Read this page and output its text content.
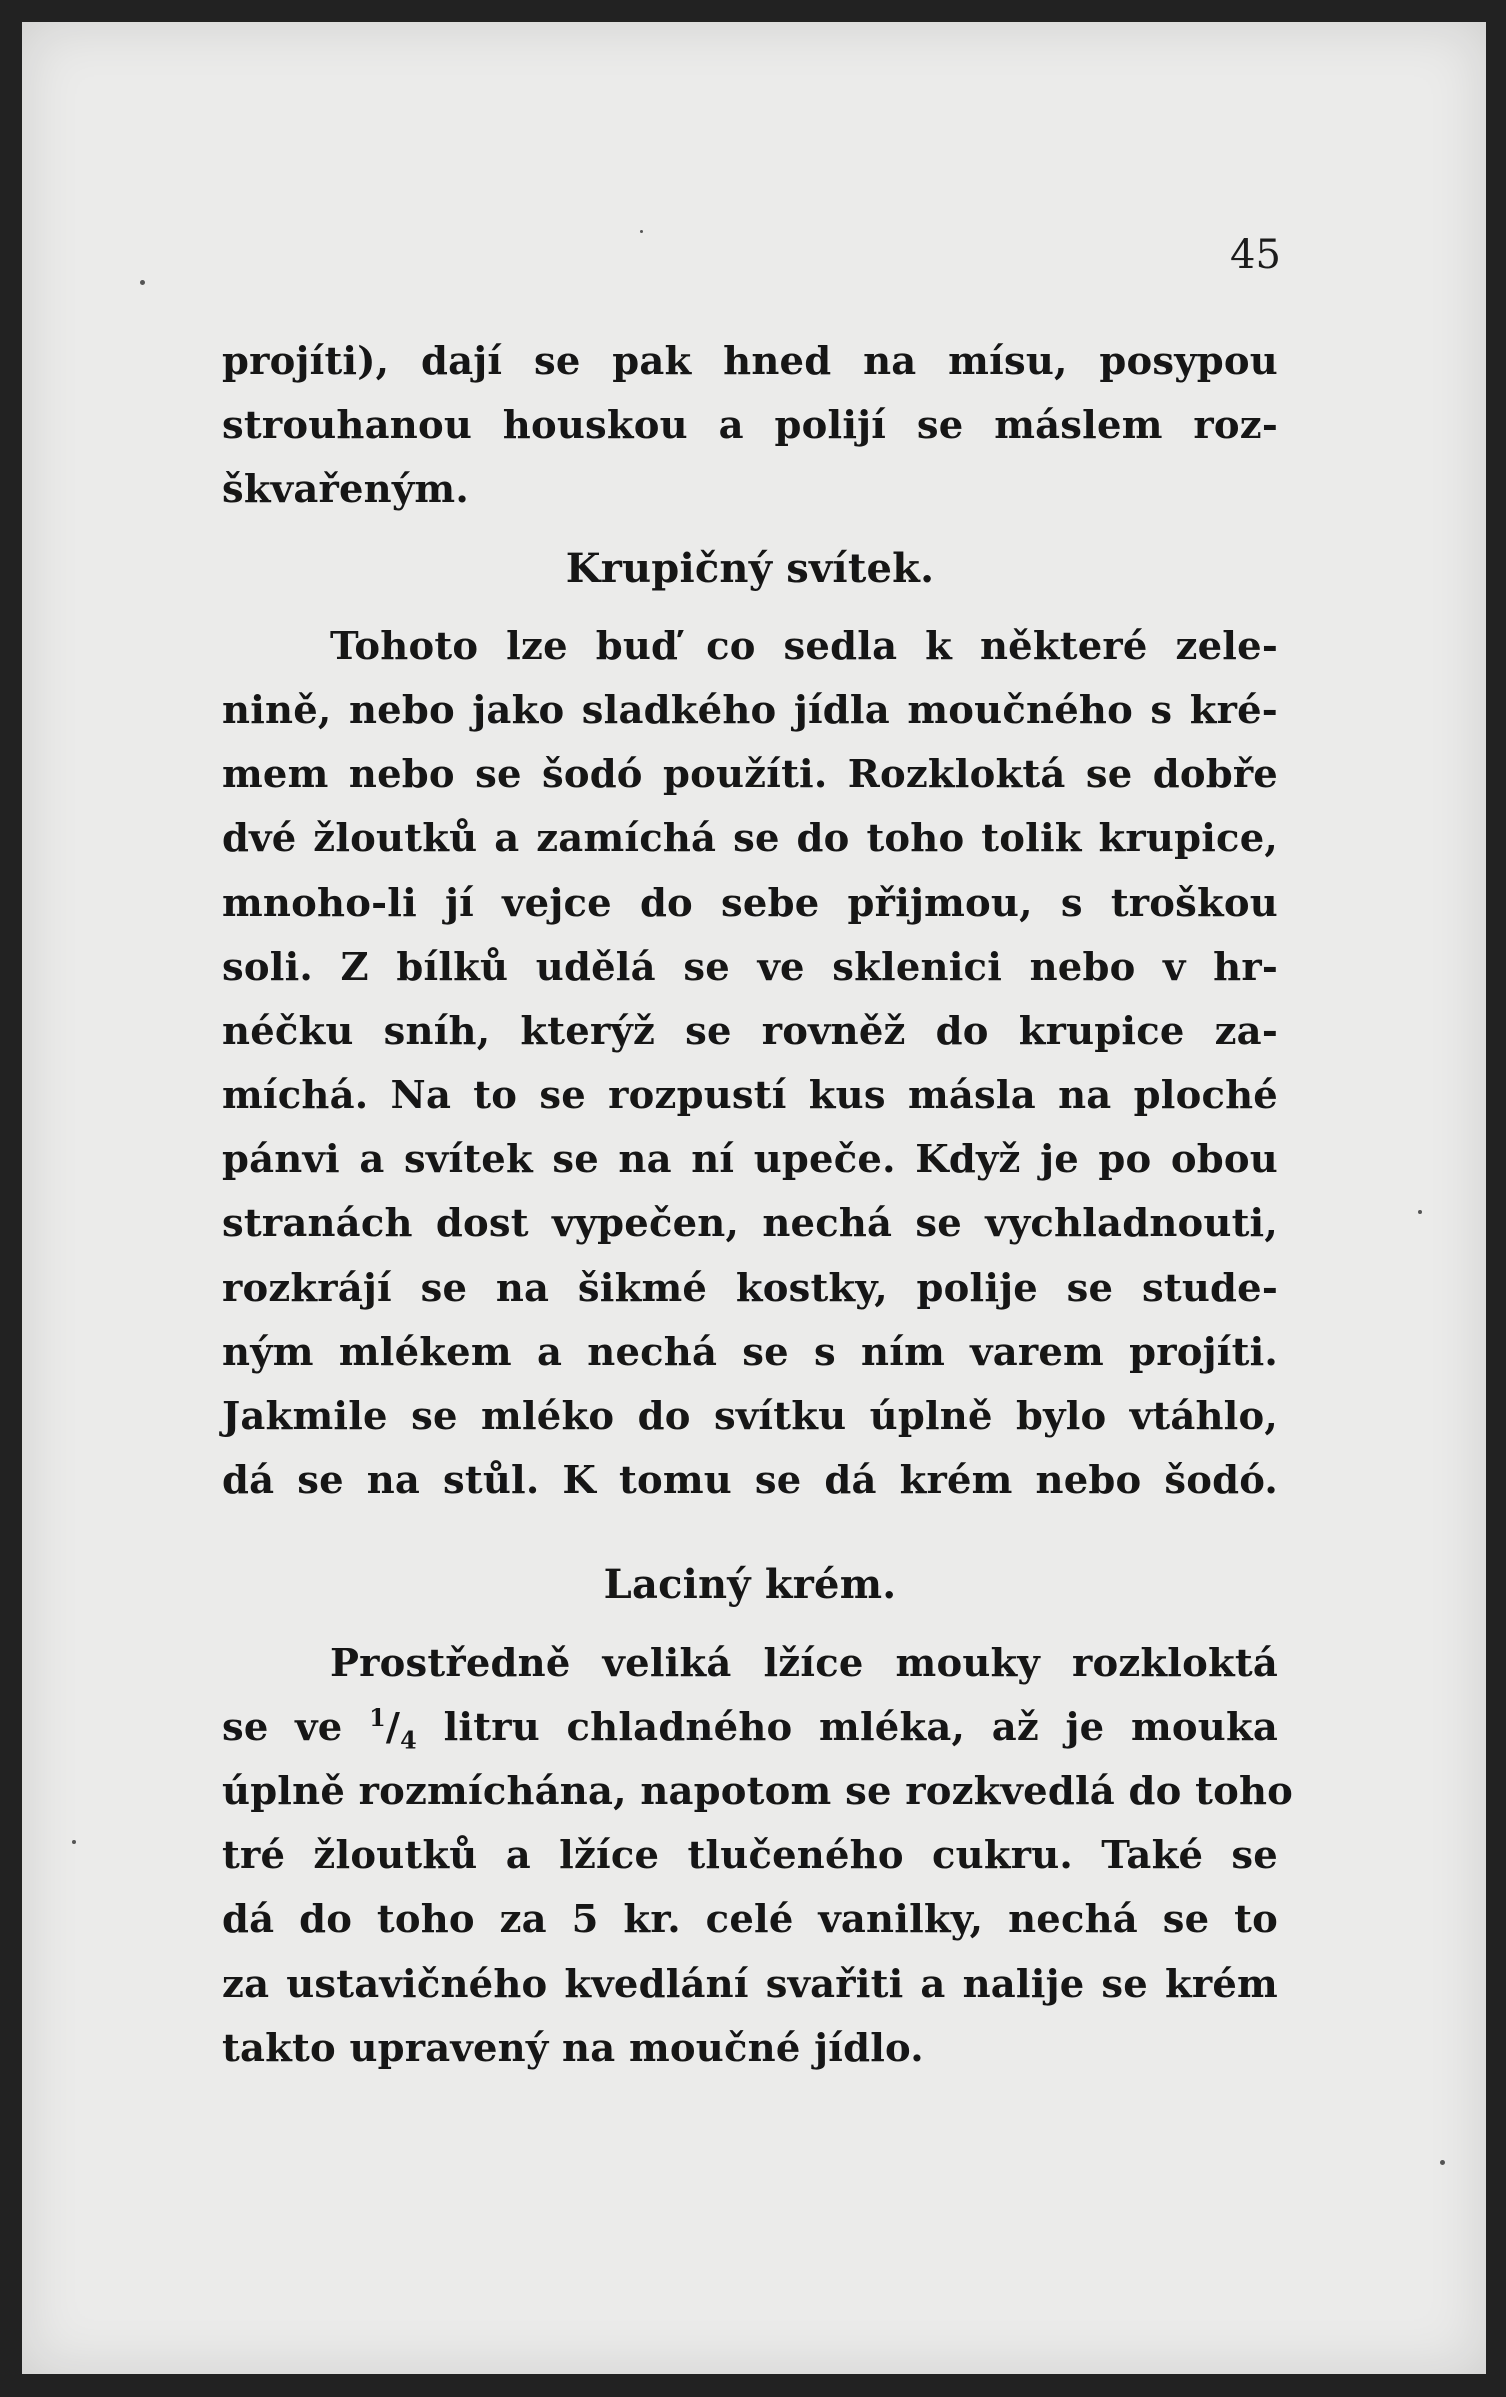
45
projíti), dají se pak hned na mísu, posypou
strouhanou houskou a polijí se máslem roz-
škvařeným.
Krupičný svítek.
Tohoto lze buď co sedla k některé zele-
nině, nebo jako sladkého jídla moučného s kré-
mem nebo se šodó použíti. Rozkloktá se dobře
dvé žloutků a zamíchá se do toho tolik krupice,
mnoho-li jí vejce do sebe přijmou, s troškou
soli. Z bílků udělá se ve sklenici nebo v hr-
néčku sníh, kterýž se rovněž do krupice za-
míchá. Na to se rozpustí kus másla na ploché
pánvi a svítek se na ní upeče. Když je po obou
stranách dost vypečen, nechá se vychladnouti,
rozkrájí se na šikmé kostky, polije se stude-
ným mlékem a nechá se s ním varem projíti.
Jakmile se mléko do svítku úplně bylo vtáhlo,
dá se na stůl. K tomu se dá krém nebo šodó.
Laciný krém.
Prostředně veliká lžíce mouky rozkloktá
se ve $^1/_4$ litru chladného mléka, až je mouka
úplně rozmíchána, napotom se rozkvedlá do toho
tré žloutků a lžíce tlučeného cukru. Také se
dá do toho za 5 kr. celé vanilky, nechá se to
za ustavičného kvedlání svařiti a nalije se krém
takto upravený na moučné jídlo.
